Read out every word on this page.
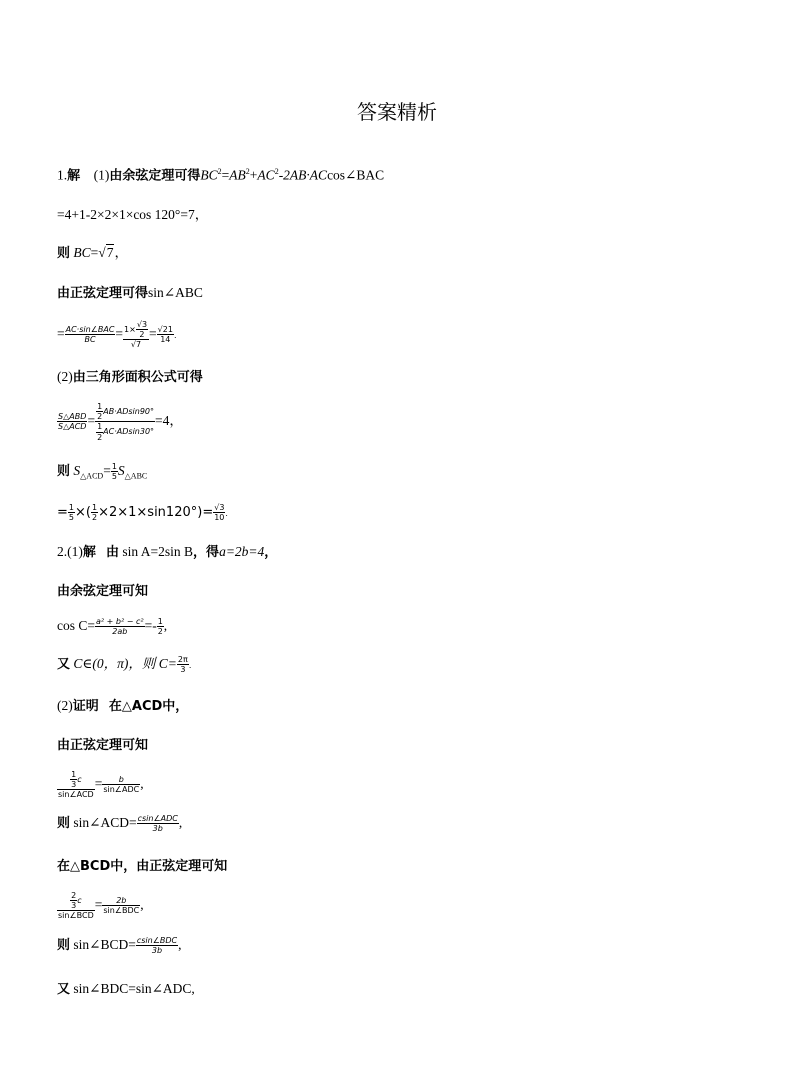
答案精析
1.解 (1)由余弦定理可得$BC^2=AB^2+AC^2-2AB\cdot ACcos\angle BAC$
=4+1-2×2×1×cos 120°=7，
则 BC=√7，
由正弦定理可得sin∠ABC
= $\frac{\text{AC·sin∠BAC}}{BC} = \frac{1\times \frac{√3}{2}}{√7} = \frac{√21}{14}$ .
(2)由三角形面积公式可得
$\frac{\text{S△ABD}}{\text{S△ACD}} = \frac{\frac{1}{2} AB\cdot ADsin90^\circ}{\frac{1}{2} AC\cdot ADsin30^\circ} =4$，
则 $S_{\triangle ACD}= \frac{1}{5} S_{\triangle ABC}$
= $\frac{1}{5}$ ×( $\frac{1}{2} \times 2\times 1\times\sin 120^\circ)= \frac{√3}{10}$ .
2.(1)解 由 sin A=2sin B，得a=2b=4，
由余弦定理可知
$\cos C= \frac{\text{a² + b² − c²}}{2ab} =- \frac{1}{2}$ ,
又 C∈(0，π)，则 $C= \frac{2\pi}{3}$ .
(2)证明 在△ACD中，
由正弦定理可知
$\frac{\frac{1}{3} c}{\text{sin∠ACD}} = \frac{b}{\text{sin∠ADC}}$ ,
则 sin∠ACD= $\frac{\text{csin∠ADC}}{3b}$ ,
在△BCD中，由正弦定理可知
$\frac{\frac{2}{3} c}{\text{sin∠BCD}} = \frac{2b}{\text{sin∠BDC}}$ ,
则 sin∠BCD= $\frac{\text{csin∠BDC}}{3b}$ ,
又 sin∠BDC=sin∠ADC,
